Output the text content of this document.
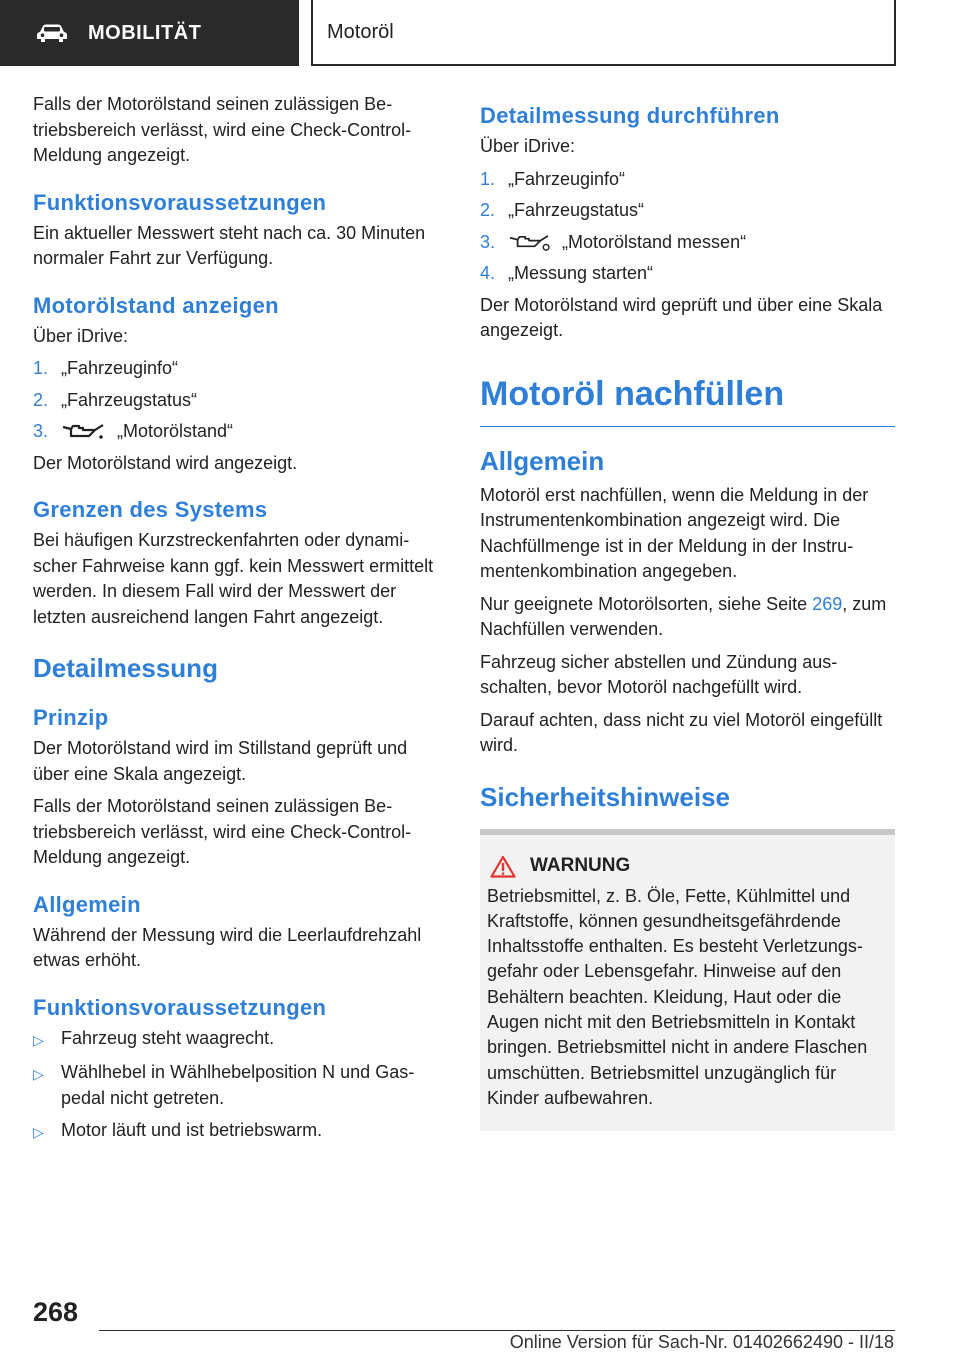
MOBILITÄT	Motoröl

Falls der Motorölstand seinen zulässigen Betriebsbereich verlässt, wird eine Check-Control-Meldung angezeigt.

Funktionsvoraussetzungen

Ein aktueller Messwert steht nach ca. 30 Minuten normaler Fahrt zur Verfügung.

Motorölstand anzeigen

Über iDrive:

1. „Fahrzeuginfo“
2. „Fahrzeugstatus“
3.	„Motorölstand“

Der Motorölstand wird angezeigt.

Grenzen des Systems

Bei häufigen Kurzstreckenfahrten oder dynamischer Fahrweise kann ggf. kein Messwert ermittelt werden. In diesem Fall wird der Messwert der letzten ausreichend langen Fahrt angezeigt.

Detailmessung
Prinzip

Der Motorölstand wird im Stillstand geprüft und über eine Skala angezeigt.

Falls der Motorölstand seinen zulässigen Betriebsbereich verlässt, wird eine Check-Control-Meldung angezeigt.

Allgemein

Während der Messung wird die Leerlaufdrehzahl etwas erhöht.

Funktionsvoraussetzungen
▷ Fahrzeug steht waagrecht.
▷ Wählhebel in Wählhebelposition N und Gaspedal nicht getreten.
▷ Motor läuft und ist betriebswarm.
Detailmessung durchführen

Über iDrive:

1. „Fahrzeuginfo“
2. „Fahrzeugstatus“
3.	„Motorölstand messen“
4. „Messung starten“

Der Motorölstand wird geprüft und über eine Skala angezeigt.

Motoröl nachfüllen
Allgemein

Motoröl erst nachfüllen, wenn die Meldung in der Instrumentenkombination angezeigt wird. Die Nachfüllmenge ist in der Meldung in der Instrumentenkombination angegeben.

Nur geeignete Motorölsorten, siehe Seite 269, zum Nachfüllen verwenden.

Fahrzeug sicher abstellen und Zündung ausschalten, bevor Motoröl nachgefüllt wird.

Darauf achten, dass nicht zu viel Motoröl eingefüllt wird.

Sicherheitshinweise
WARNUNG

Betriebsmittel, z. B. Öle, Fette, Kühlmittel und Kraftstoffe, können gesundheitsgefährdende Inhaltsstoffe enthalten. Es besteht Verletzungsgefahr oder Lebensgefahr. Hinweise auf den Behältern beachten. Kleidung, Haut oder die Augen nicht mit den Betriebsmitteln in Kontakt bringen. Betriebsmittel nicht in andere Flaschen umschütten. Betriebsmittel unzugänglich für Kinder aufbewahren.

268
Online Version für Sach-Nr. 01402662490 - II/18
